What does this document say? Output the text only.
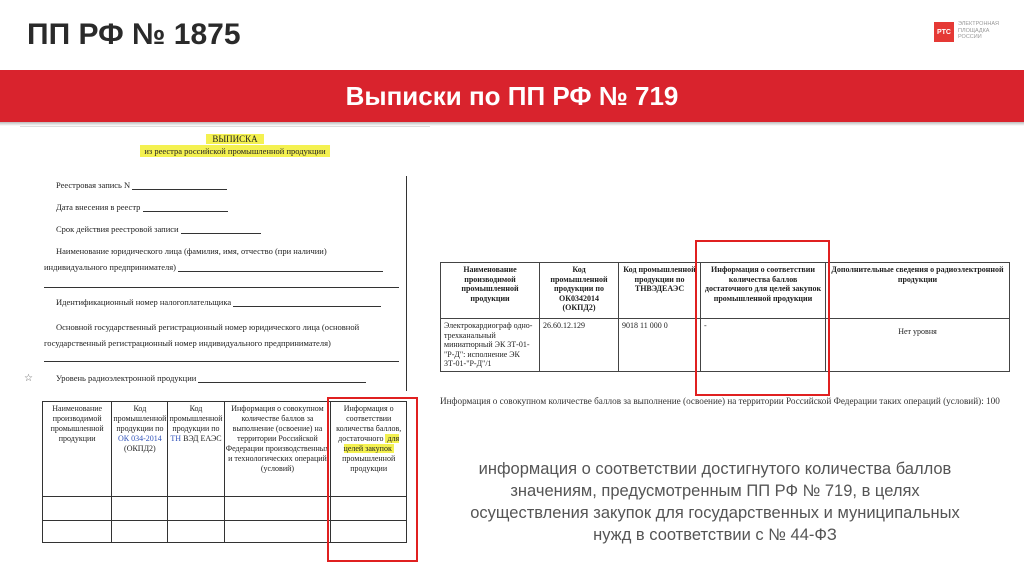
ПП РФ № 1875	РТС
ЭЛЕКТРОННАЯ ПЛОЩАДКА РОССИИ
Выписки по ПП РФ № 719
ВЫПИСКА
из реестра российской промышленной продукции
Реестровая запись N
Дата внесения в реестр
Срок действия реестровой записи
Наименование юридического лица (фамилия, имя, отчество (при наличии)
индивидуального предпринимателя)
Идентификационный номер налогоплательщика
Основной государственный регистрационный номер юридического лица (основной
государственный регистрационный номер индивидуального предпринимателя)
☆	Уровень радиоэлектронной продукции
Наименование производимой промышленной продукции	Код промышленной продукции по ОК 034-2014 (ОКПД2)	Код промышленной продукции по ТН ВЭД ЕАЭС	Информация о совокупном количестве баллов за выполнение (освоение) на территории Российской Федерации производственных и технологических операций (условий)	Информация о соответствии количества баллов, достаточного для целей закупок промышленной продукции

Наименование производимой промышленной продукции	Код промышленной продукции по ОК0342014 (ОКПД2)	Код промышленной продукции по ТНВЭДЕАЭС	Информация о соответствии количества баллов достаточного для целей закупок промышленной продукции	Дополнительные сведения о радиоэлектронной продукции
Электрокардиограф одно-трехканальный миниатюрный ЭК 3Т-01-"Р-Д": исполнение ЭК 3Т-01-"Р-Д"/1	26.60.12.129	9018 11 000 0	-	Нет уровня
Информация о совокупном количестве баллов за выполнение (освоение) на территории Российской Федерации таких операций (условий): 100
информация о соответствии достигнутого количества баллов значениям, предусмотренным ПП РФ № 719, в целях осуществления закупок для государственных и муниципальных нужд в соответствии с № 44-ФЗ
